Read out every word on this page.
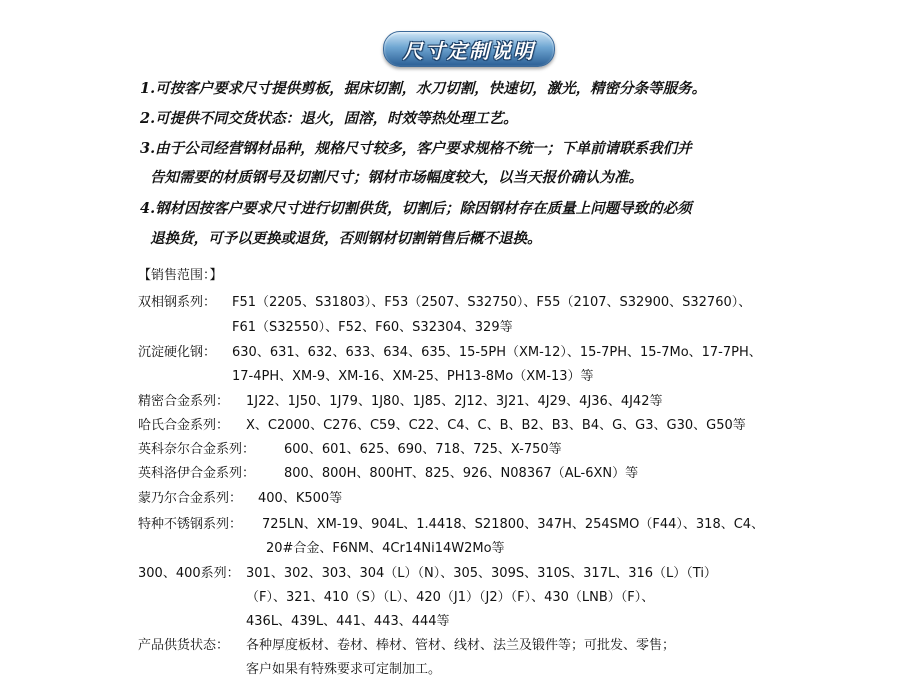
尺寸定制说明
1.可按客户要求尺寸提供剪板，据床切割，水刀切割，快速切，激光，精密分条等服务。
2.可提供不同交货状态：退火，固溶，时效等热处理工艺。
3.由于公司经营钢材品种，规格尺寸较多，客户要求规格不统一；下单前请联系我们并
告知需要的材质钢号及切割尺寸；钢材市场幅度较大，以当天报价确认为准。
4.钢材因按客户要求尺寸进行切割供货，切割后；除因钢材存在质量上问题导致的必须
退换货，可予以更换或退货，否则钢材切割销售后概不退换。
【销售范围：】
双相钢系列： F51（2205、S31803）、F53（2507、S32750）、F55（2107、S32900、S32760）、
F61（S32550）、F52、F60、S32304、329等
沉淀硬化钢： 630、631、632、633、634、635、15-5PH（XM-12）、15-7PH、15-7Mo、17-7PH、
17-4PH、XM-9、XM-16、XM-25、PH13-8Mo（XM-13）等
精密合金系列： 1J22、1J50、1J79、1J80、1J85、2J12、3J21、4J29、4J36、4J42等
哈氏合金系列： X、C2000、C276、C59、C22、C4、C、B、B2、B3、B4、G、G3、G30、G50等
英科奈尔合金系列： 600、601、625、690、718、725、X-750等
英科洛伊合金系列： 800、800H、800HT、825、926、N08367（AL-6XN）等
蒙乃尔合金系列： 400、K500等
特种不锈钢系列： 725LN、XM-19、904L、1.4418、S21800、347H、254SMO（F44）、318、C4、
20#合金、F6NM、4Cr14Ni14W2Mo等
300、400系列： 301、302、303、304（L）（N）、305、309S、310S、317L、316（L）（Ti）
（F）、321、410（S）（L）、420（J1）（J2）（F）、430（LNB）（F）、
436L、439L、441、443、444等
产品供货状态： 各种厚度板材、卷材、棒材、管材、线材、法兰及锻件等；可批发、零售；
客户如果有特殊要求可定制加工。
